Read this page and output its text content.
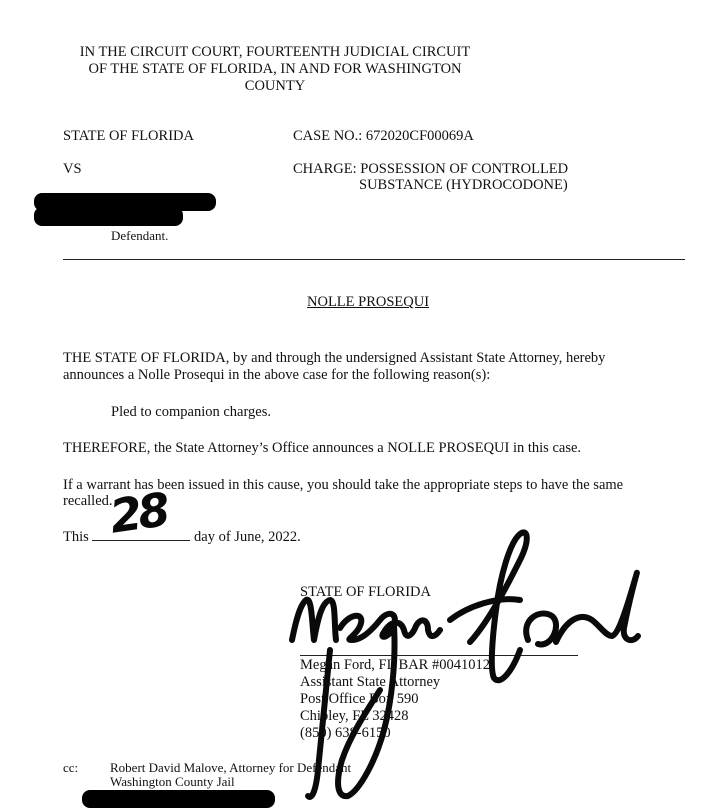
IN THE CIRCUIT COURT, FOURTEENTH JUDICIAL CIRCUIT
OF THE STATE OF FLORIDA, IN AND FOR WASHINGTON
COUNTY
STATE OF FLORIDA
VS
Defendant.
CASE NO.: 672020CF00069A
CHARGE: POSSESSION OF CONTROLLED
SUBSTANCE (HYDROCODONE)
NOLLE PROSEQUI
THE STATE OF FLORIDA, by and through the undersigned Assistant State Attorney, hereby
announces a Nolle Prosequi in the above case for the following reason(s):
Pled to companion charges.
THEREFORE, the State Attorney’s Office announces a NOLLE PROSEQUI in this case.
If a warrant has been issued in this cause, you should take the appropriate steps to have the same
recalled.
This	day of June, 2022.
28
STATE OF FLORIDA
Megan Ford, FL BAR #0041012
Assistant State Attorney
Post Office Box 590
Chipley, FL 32428
(850) 638-6150
cc: Robert David Malove, Attorney for Defendant
Washington County Jail
